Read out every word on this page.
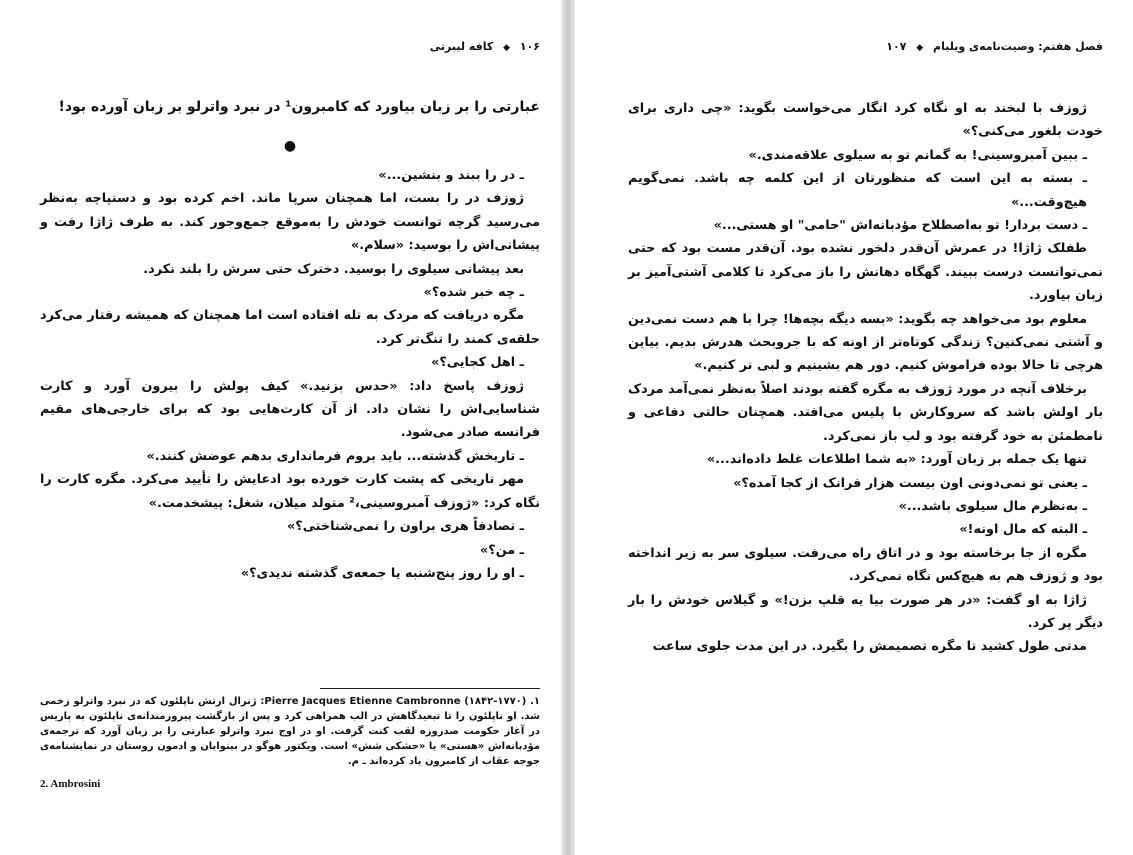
۱۰۶ ◆ کافه لیبرتی

عبارتی را بر زبان بیاورد که کامبرون¹ در نبرد واترلو بر زبان آورده بود!

●

ـ در را ببند و بنشین...»

ژوزف در را بست، اما همچنان سرپا ماند. اخم کرده بود و دستپاچه به‌نظر می‌رسید گرچه توانست خودش را به‌موقع جمع‌وجور کند. به طرف ژاژا رفت و پیشانی‌اش را بوسید: «سلام.»

بعد پیشانی سیلوی را بوسید. دخترک حتی سرش را بلند نکرد.

ـ چه خبر شده؟»

مگره دریافت که مردک به تله افتاده است اما همچنان که همیشه رفتار می‌کرد حلقه‌ی کمند را تنگ‌تر کرد.

ـ اهل کجایی؟»

ژوزف پاسخ داد: «حدس بزنید.» کیف پولش را بیرون آورد و کارت شناسایی‌اش را نشان داد. از آن کارت‌هایی بود که برای خارجی‌های مقیم فرانسه صادر می‌شود.

ـ تاریخش گذشته... باید بروم فرمانداری بدهم عوضش کنند.»

مهر تاریخی که پشت کارت خورده بود ادعایش را تأیید می‌کرد. مگره کارت را نگاه کرد: «ژوزف آمبروسینی،² متولد میلان، شغل: پیشخدمت.»

ـ تصادفاً هری براون را نمی‌شناختی؟»

ـ من؟»

ـ او را روز پنج‌شنبه یا جمعه‌ی گذشته ندیدی؟»

۱. Pierre Jacques Etienne Cambronne (۱۸۴۲-۱۷۷۰): ژنرال ارتش ناپلئون که در نبرد واترلو زخمی شد. او ناپلئون را تا تبعیدگاهش در الب همراهی کرد و پس از بازگشت پیروزمندانه‌ی ناپلئون به پاریس در آغاز حکومت صدروزه لقب کنت گرفت. او در اوج نبرد واترلو عبارتی را بر زبان آورد که ترجمه‌ی مؤدبانه‌اش «هستی» یا «حشکی شش» است. ویکتور هوگو در بینوایان و ادمون روستان در نمایشنامه‌ی جوجه عقاب از کامبرون یاد کرده‌اند ـ م.

2. Ambrosini
فصل هفتم: وصیت‌نامه‌ی ویلیام ◆ ۱۰۷

ژوزف با لبخند به او نگاه کرد انگار می‌خواست بگوید: «چی داری برای خودت بلغور می‌کنی؟»

ـ ببین آمبروسینی! به گمانم تو به سیلوی علاقه‌مندی.»

ـ بسته به این است که منظورتان از این کلمه چه باشد. نمی‌گویم هیچ‌وقت...»

ـ دست بردار! تو به‌اصطلاح مؤدبانه‌اش "حامی" او هستی...»

طفلک ژاژا! در عمرش آن‌قدر دلخور نشده بود. آن‌قدر مست بود که حتی نمی‌توانست درست ببیند. گهگاه دهانش را باز می‌کرد تا کلامی آشتی‌آمیز بر زبان بیاورد.

معلوم بود می‌خواهد چه بگوید: «بسه دیگه بچه‌ها! چرا با هم دست نمی‌دین و آشتی نمی‌کنین؟ زندگی کوتاه‌تر از اونه که با جروبحث هدرش بدیم. بیاین هرچی تا حالا بوده فراموش کنیم. دور هم بشینیم و لبی تر کنیم.»

برخلاف آنچه در مورد ژوزف به مگره گفته بودند اصلاً به‌نظر نمی‌آمد مردک بار اولش باشد که سروکارش با پلیس می‌افتد. همچنان حالتی دفاعی و نامطمئن به خود گرفته بود و لب باز نمی‌کرد.

تنها یک جمله بر زبان آورد: «به شما اطلاعات غلط داده‌اند...»

ـ یعنی تو نمی‌دونی اون بیست هزار فرانک از کجا آمده؟»

ـ به‌نظرم مال سیلوی باشد...»

ـ البته که مال اونه!»

مگره از جا برخاسته بود و در اتاق راه می‌رفت. سیلوی سر به زیر انداخته بود و ژوزف هم به هیچ‌کس نگاه نمی‌کرد.

ژاژا به او گفت: «در هر صورت بیا یه قلپ بزن!» و گیلاس خودش را بار دیگر پر کرد.

مدتی طول کشید تا مگره تصمیمش را بگیرد. در این مدت جلوی ساعت
